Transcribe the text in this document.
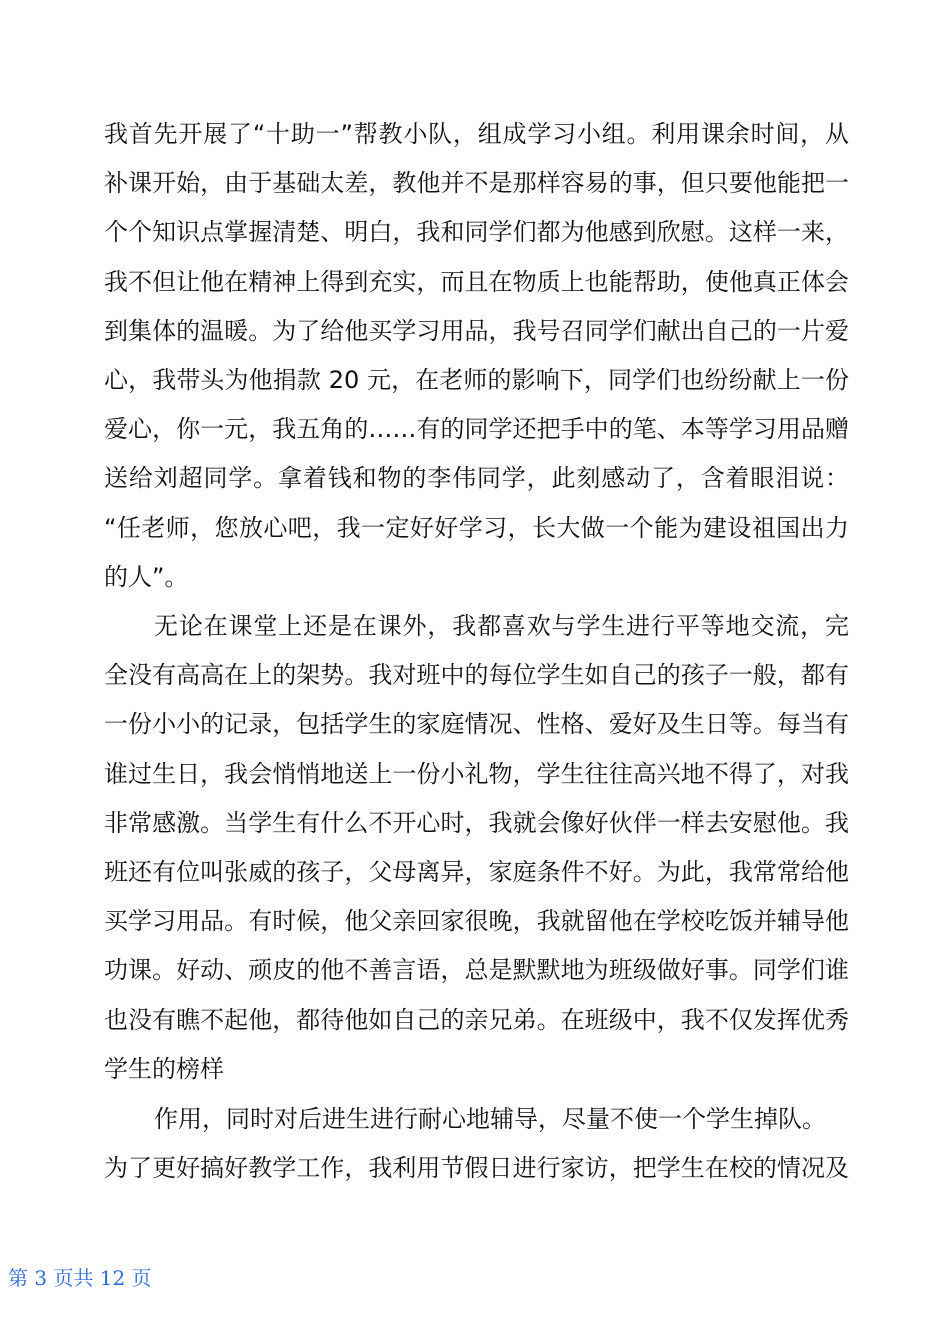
我首先开展了“十助一”帮教小队，组成学习小组。利用课余时间，从
补课开始，由于基础太差，教他并不是那样容易的事，但只要他能把一
个个知识点掌握清楚、明白，我和同学们都为他感到欣慰。这样一来，
我不但让他在精神上得到充实，而且在物质上也能帮助，使他真正体会
到集体的温暖。为了给他买学习用品，我号召同学们献出自己的一片爱
心，我带头为他捐款 20 元，在老师的影响下，同学们也纷纷献上一份
爱心，你一元，我五角的……有的同学还把手中的笔、本等学习用品赠
送给刘超同学。拿着钱和物的李伟同学，此刻感动了，含着眼泪说：
“任老师，您放心吧，我一定好好学习，长大做一个能为建设祖国出力
的人”。
无论在课堂上还是在课外，我都喜欢与学生进行平等地交流，完
全没有高高在上的架势。我对班中的每位学生如自己的孩子一般，都有
一份小小的记录，包括学生的家庭情况、性格、爱好及生日等。每当有
谁过生日，我会悄悄地送上一份小礼物，学生往往高兴地不得了，对我
非常感激。当学生有什么不开心时，我就会像好伙伴一样去安慰他。我
班还有位叫张威的孩子，父母离异，家庭条件不好。为此，我常常给他
买学习用品。有时候，他父亲回家很晚，我就留他在学校吃饭并辅导他
功课。好动、顽皮的他不善言语，总是默默地为班级做好事。同学们谁
也没有瞧不起他，都待他如自己的亲兄弟。在班级中，我不仅发挥优秀
学生的榜样
作用，同时对后进生进行耐心地辅导，尽量不使一个学生掉队。
为了更好搞好教学工作，我利用节假日进行家访，把学生在校的情况及
第 3 页共 12 页
